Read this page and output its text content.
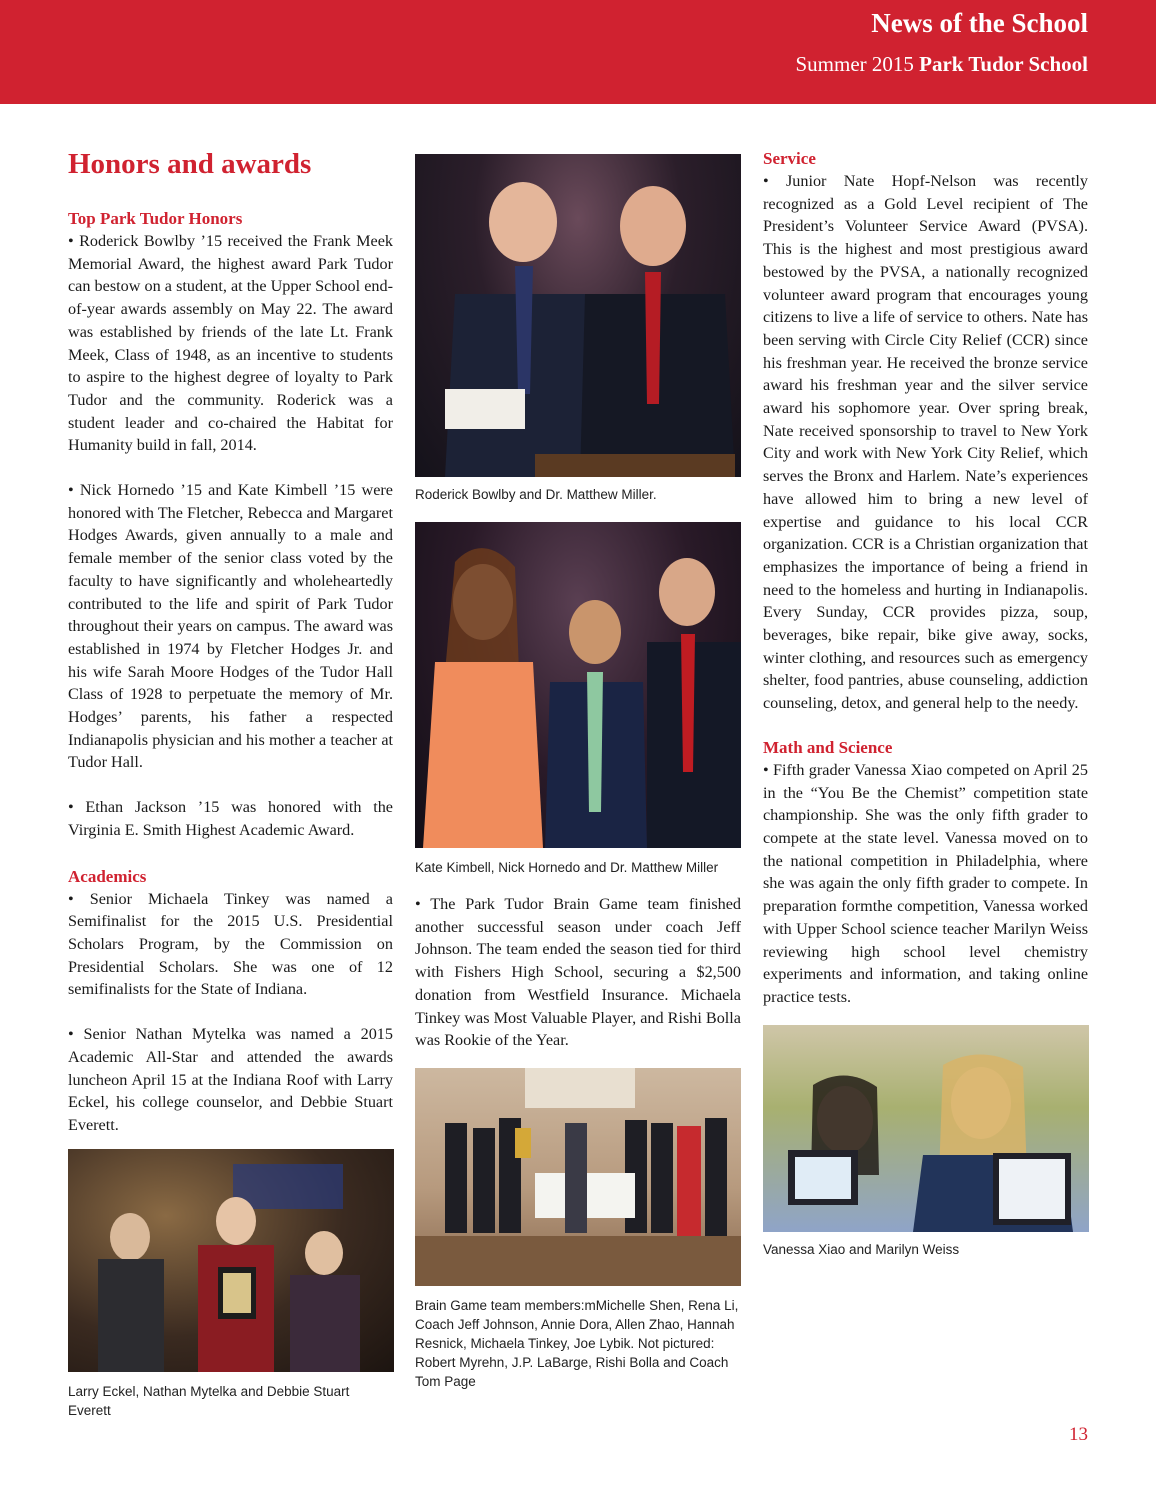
News of the School
Summer 2015 Park Tudor School
Honors and awards
Top Park Tudor Honors

• Roderick Bowlby ’15 received the Frank Meek Memorial Award, the highest award Park Tudor can bestow on a student, at the Upper School end-of-year awards assembly on May 22. The award was established by friends of the late Lt. Frank Meek, Class of 1948, as an incentive to students to aspire to the highest degree of loyalty to Park Tudor and the community. Roderick was a student leader and co-chaired the Habitat for Humanity build in fall, 2014.

• Nick Hornedo ’15 and Kate Kimbell ’15 were honored with The Fletcher, Rebecca and Margaret Hodges Awards, given annually to a male and female member of the senior class voted by the faculty to have significantly and wholeheartedly contributed to the life and spirit of Park Tudor throughout their years on campus. The award was established in 1974 by Fletcher Hodges Jr. and his wife Sarah Moore Hodges of the Tudor Hall Class of 1928 to perpetuate the memory of Mr. Hodges’ parents, his father a respected Indianapolis physician and his mother a teacher at Tudor Hall.

• Ethan Jackson ’15 was honored with the Virginia E. Smith Highest Academic Award.

Academics

• Senior Michaela Tinkey was named a Semifinalist for the 2015 U.S. Presidential Scholars Program, by the Commission on Presidential Scholars. She was one of 12 semifinalists for the State of Indiana.

• Senior Nathan Mytelka was named a 2015 Academic All-Star and attended the awards luncheon April 15 at the Indiana Roof with Larry Eckel, his college counselor, and Debbie Stuart Everett.

Larry Eckel, Nathan Mytelka and Debbie Stuart Everett

Roderick Bowlby and Dr. Matthew Miller.

Kate Kimbell, Nick Hornedo and Dr. Matthew Miller

• The Park Tudor Brain Game team finished another successful season under coach Jeff Johnson. The team ended the season tied for third with Fishers High School, securing a $2,500 donation from Westfield Insurance. Michaela Tinkey was Most Valuable Player, and Rishi Bolla was Rookie of the Year.

Brain Game team members:mMichelle Shen, Rena Li, Coach Jeff Johnson, Annie Dora, Allen Zhao, Hannah Resnick, Michaela Tinkey, Joe Lybik. Not pictured: Robert Myrehn, J.P. LaBarge, Rishi Bolla and Coach Tom Page

Service

• Junior Nate Hopf-Nelson was recently recognized as a Gold Level recipient of The President’s Volunteer Service Award (PVSA). This is the highest and most prestigious award bestowed by the PVSA, a nationally recognized volunteer award program that encourages young citizens to live a life of service to others. Nate has been serving with Circle City Relief (CCR) since his freshman year. He received the bronze service award his freshman year and the silver service award his sophomore year. Over spring break, Nate received sponsorship to travel to New York City and work with New York City Relief, which serves the Bronx and Harlem. Nate’s experiences have allowed him to bring a new level of expertise and guidance to his local CCR organization. CCR is a Christian organization that emphasizes the importance of being a friend in need to the homeless and hurting in Indianapolis. Every Sunday, CCR provides pizza, soup, beverages, bike repair, bike give away, socks, winter clothing, and resources such as emergency shelter, food pantries, abuse counseling, addiction counseling, detox, and general help to the needy.

Math and Science

• Fifth grader Vanessa Xiao competed on April 25 in the “You Be the Chemist” competition state championship. She was the only fifth grader to compete at the state level. Vanessa moved on to the national competition in Philadelphia, where she was again the only fifth grader to compete. In preparation formthe competition, Vanessa worked with Upper School science teacher Marilyn Weiss reviewing high school level chemistry experiments and information, and taking online practice tests.

Vanessa Xiao and Marilyn Weiss

13
